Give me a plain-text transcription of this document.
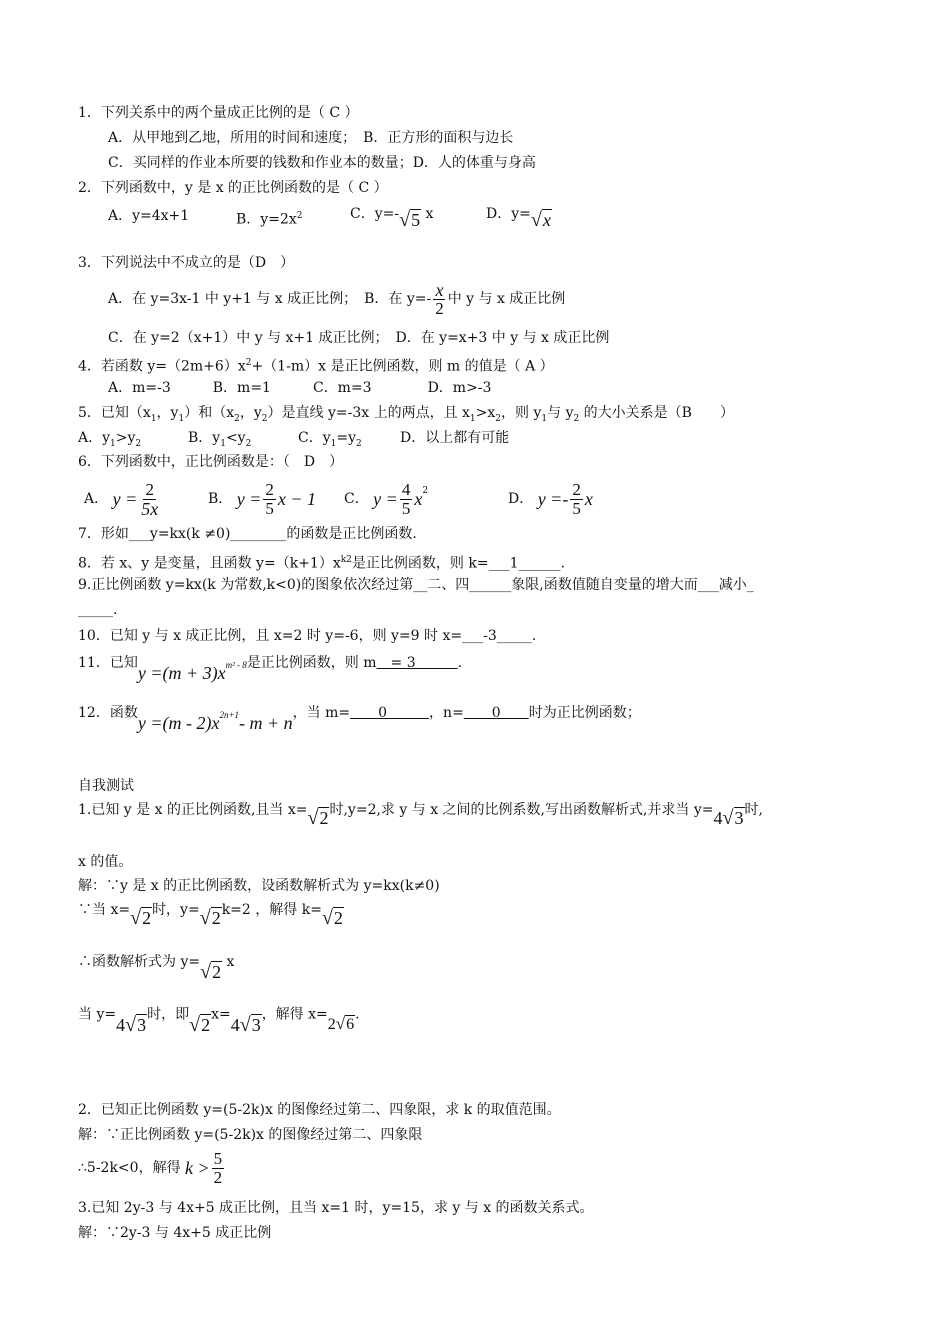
1．下列关系中的两个量成正比例的是（ C ）
A．从甲地到乙地，所用的时间和速度；　B．正方形的面积与边长
C．买同样的作业本所要的钱数和作业本的数量；D．人的体重与身高
2．下列函数中，y 是 x 的正比例函数的是（ C ）
A．y=4x+1	B．$y=2x^2$	C．y=-√5 x	D．y=√x
3．下列说法中不成立的是（D　）
A．在 y=3x-1 中 y+1 与 x 成正比例；　B．在 $y=- \frac{x}{2}$ 中 y 与 x 成正比例
C．在 y=2（x+1）中 y 与 x+1 成正比例；　D．在 y=x+3 中 y 与 x 成正比例
4．若函数 $y=(2m+6)x^2+(1-m)x$ 是正比例函数，则 m 的值是（ A ）
A．m=-3　　　B．m=1　　　C．m=3　　　　D．m>-3
5．已知（$x_1$，$y_1$）和（$x_2$，$y_2$）是直线 y=-3x 上的两点，且 $x_1>x_2$，则 $y_1$与 $y_2$ 的大小关系是（B　　）
A．$y_1>y_2$	B．$y_1<y_2$	C．$y_1=y_2$	D．以上都有可能
6．下列函数中，正比例函数是：（　D　）
A．
$y = \frac{2}{5x}$	B．
$y = \frac{2}{5}$ x − 1 C．
$y = \frac{4}{5} x^2$	D．
$y =- \frac{2}{5}$ x
7．形如___y=kx(k ≠0)________的函数是正比例函数.
8．若 x、y 是变量，且函数 $y=(k+1)x^{k2}$是正比例函数，则 k=___1______.
9.正比例函数 y=kx(k 为常数,k<0)的图象依次经过第__二、四______象限,函数值随自变量的增大而___减小_
_____.
10．已知 y 与 x 成正比例，且 x=2 时 y=-6，则 y=9 时 x=___-3_____.
11．已知 $y =(m + 3)x^{m^2 - 8}$ 是正比例函数，则 m 　= 3　　　 .
12．函数 $y =(m - 2)x^{2n+1} - m + n$ ，当 m= 　　0　　　 ，n= 　　0　　 时为正比例函数；
自我测试
1.已知 y 是 x 的正比例函数,且当 x=√2时,y=2,求 y 与 x 之间的比例系数,写出函数解析式,并求当 y=4√3时,
x 的值。
解：∵y 是 x 的正比例函数，设函数解析式为 y=kx(k≠0)
∵当 x=√2时，y=√2k=2 ，解得 k=√2
∴函数解析式为 y=√2 x
当 y=4√3时，即√2x=4√3，解得 x=2√6.
2．已知正比例函数 y=(5-2k)x 的图像经过第二、四象限，求 k 的取值范围。
解：∵正比例函数 y=(5-2k)x 的图像经过第二、四象限
∴5-2k<0，解得
$k > \frac{5}{2}$
3.已知 2y-3 与 4x+5 成正比例，且当 x=1 时，y=15，求 y 与 x 的函数关系式。
解：∵2y-3 与 4x+5 成正比例
